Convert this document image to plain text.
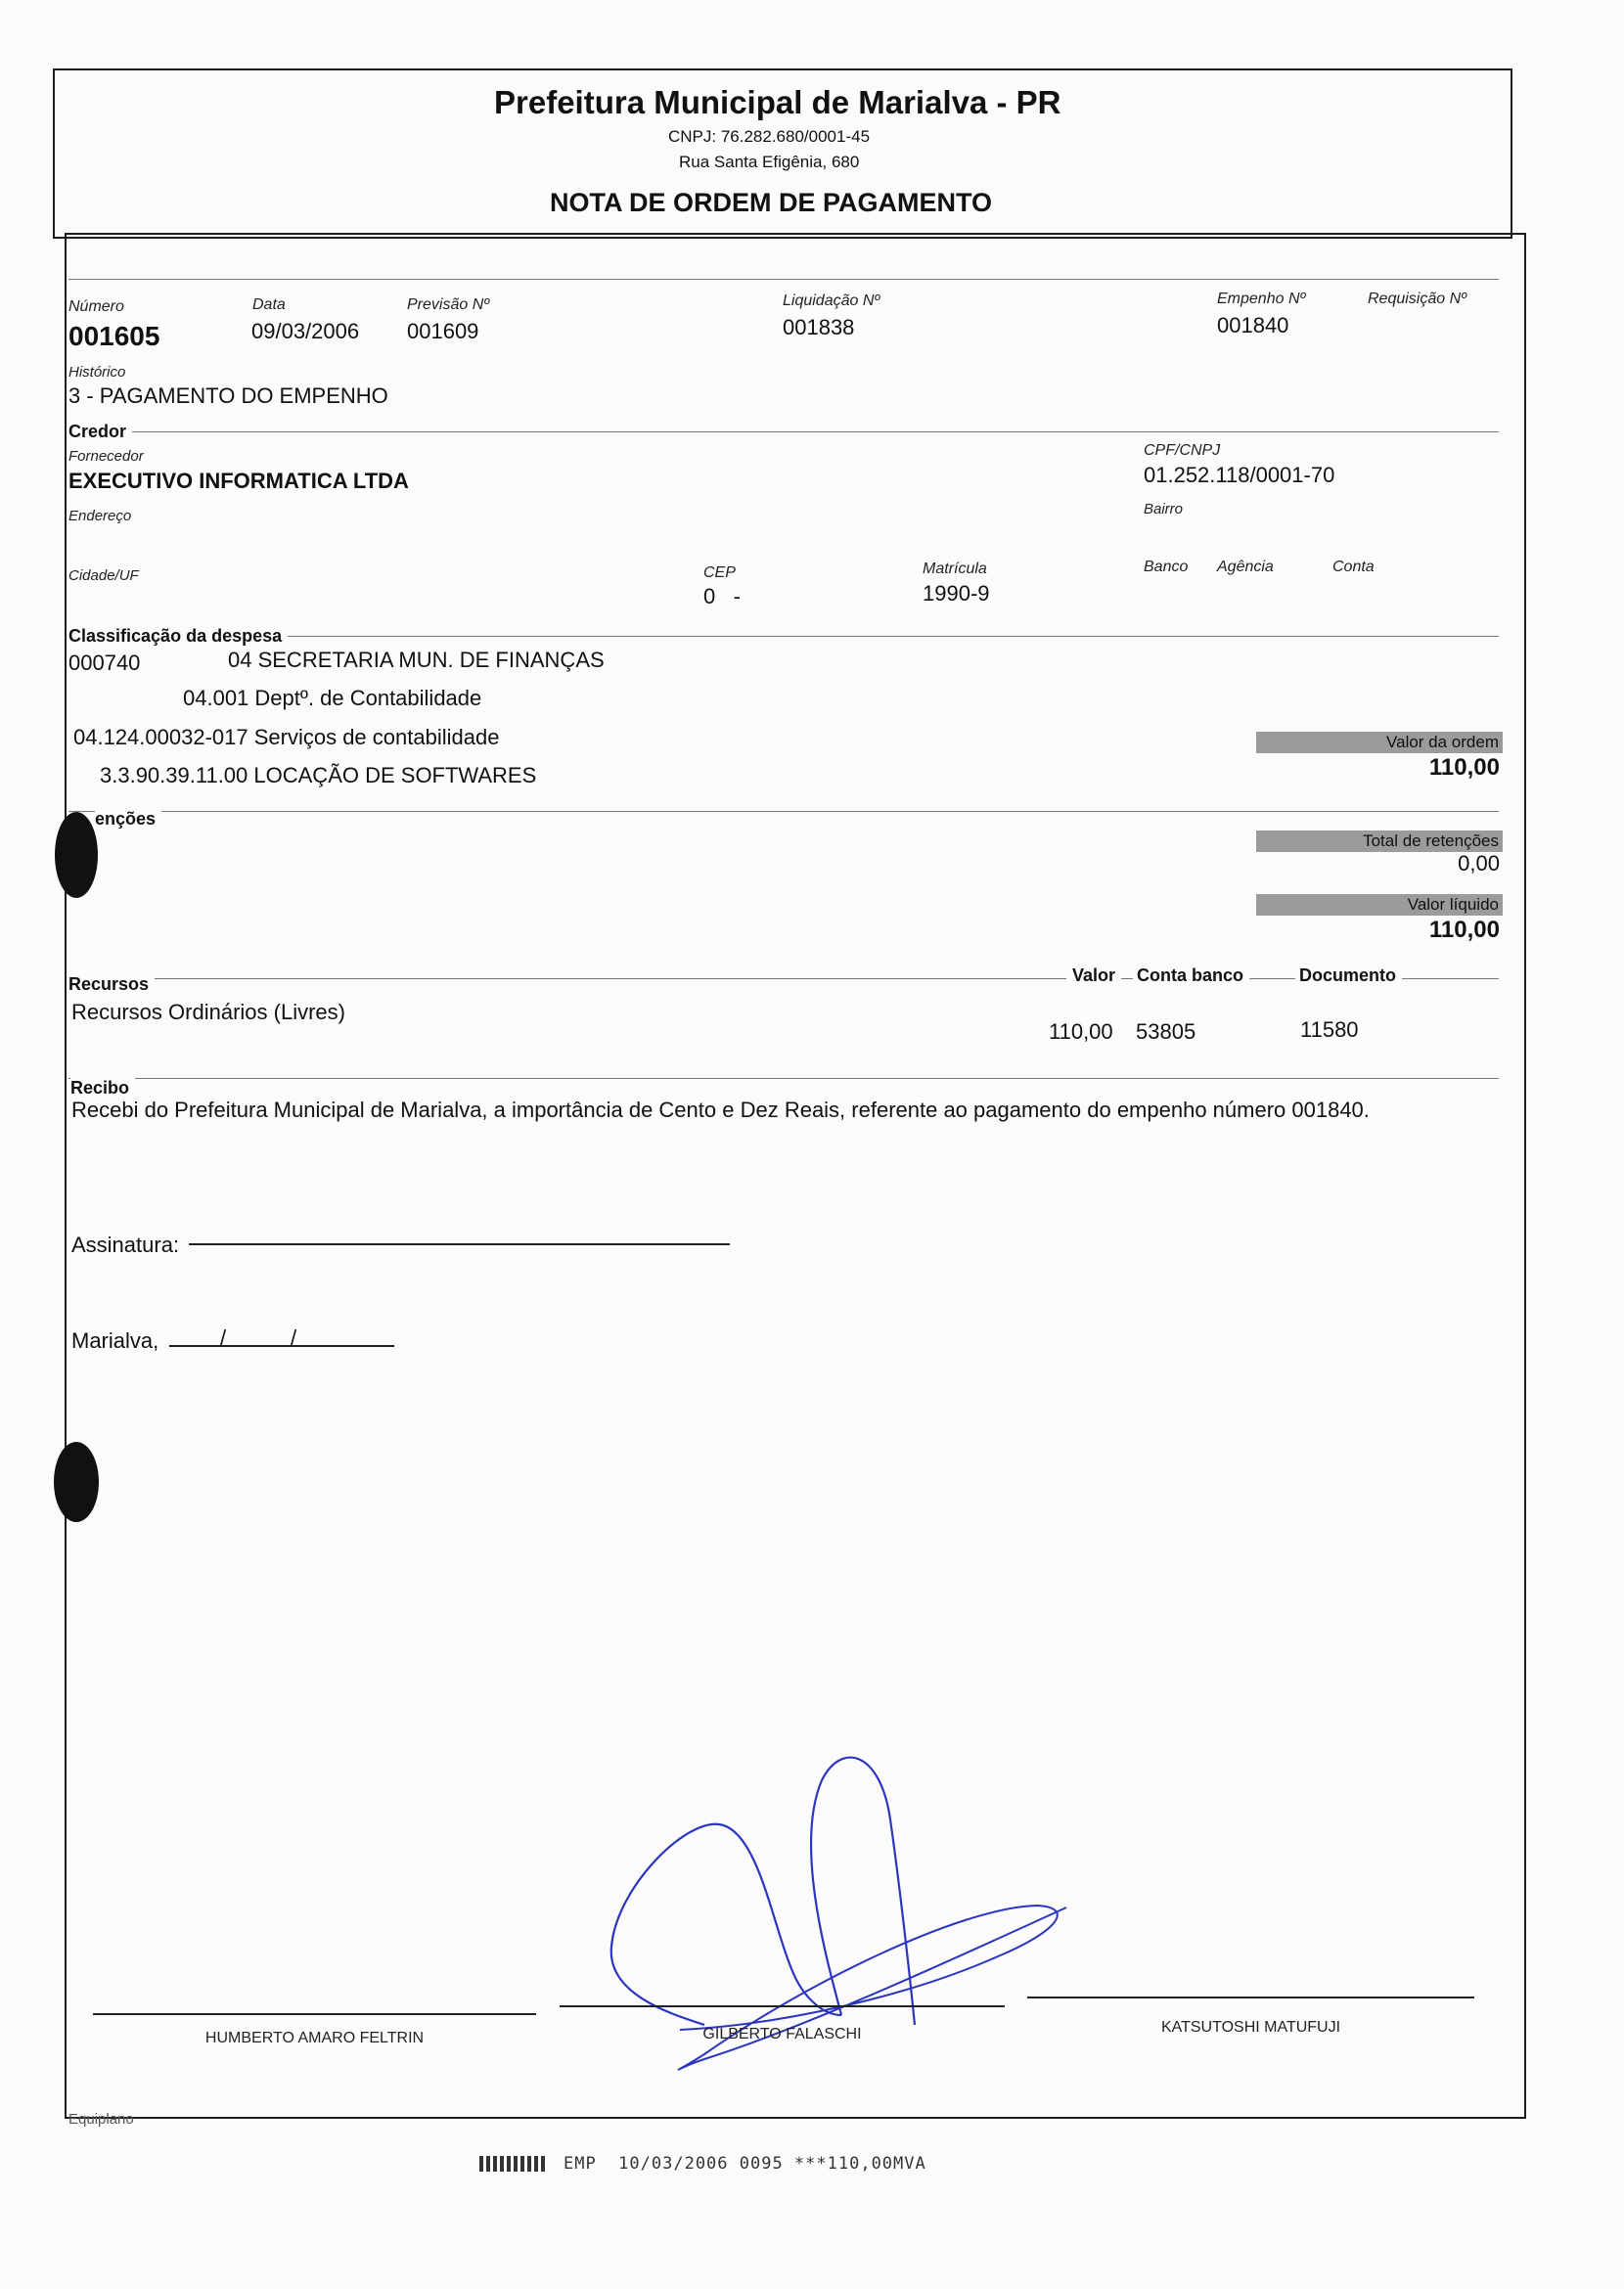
Prefeitura Municipal de Marialva - PR
CNPJ: 76.282.680/0001-45
Rua Santa Efigênia, 680
NOTA DE ORDEM DE PAGAMENTO
Número
001605
Data
09/03/2006
Previsão Nº
001609
Liquidação Nº
001838
Empenho Nº
001840
Requisição Nº
Histórico
3 - PAGAMENTO DO EMPENHO
Credor
Fornecedor
EXECUTIVO INFORMATICA LTDA
CPF/CNPJ
01.252.118/0001-70
Endereço	Bairro
Cidade/UF	CEP
0   -
Matrícula
1990-9
Banco Agência	Conta
Classificação da despesa
000740	04 SECRETARIA MUN. DE FINANÇAS
04.001 Deptº. de Contabilidade
04.124.00032-017 Serviços de contabilidade
3.3.90.39.11.00 LOCAÇÃO DE SOFTWARES
Valor da ordem
110,00
enções
Total de retenções
0,00
Valor líquido
110,00
Recursos	Valor	Conta banco	Documento
Recursos Ordinários (Livres)
110,00 53805	11580
Recibo
Recebi do Prefeitura Municipal de Marialva, a importância de Cento e Dez Reais, referente ao pagamento do empenho número 001840.
Assinatura:
Marialva,	/	/
HUMBERTO AMARO FELTRIN	GILBERTO FALASCHI	KATSUTOSHI MATUFUJI
Equiplano
EMP  10/03/2006 0095 ***110,00MVA
